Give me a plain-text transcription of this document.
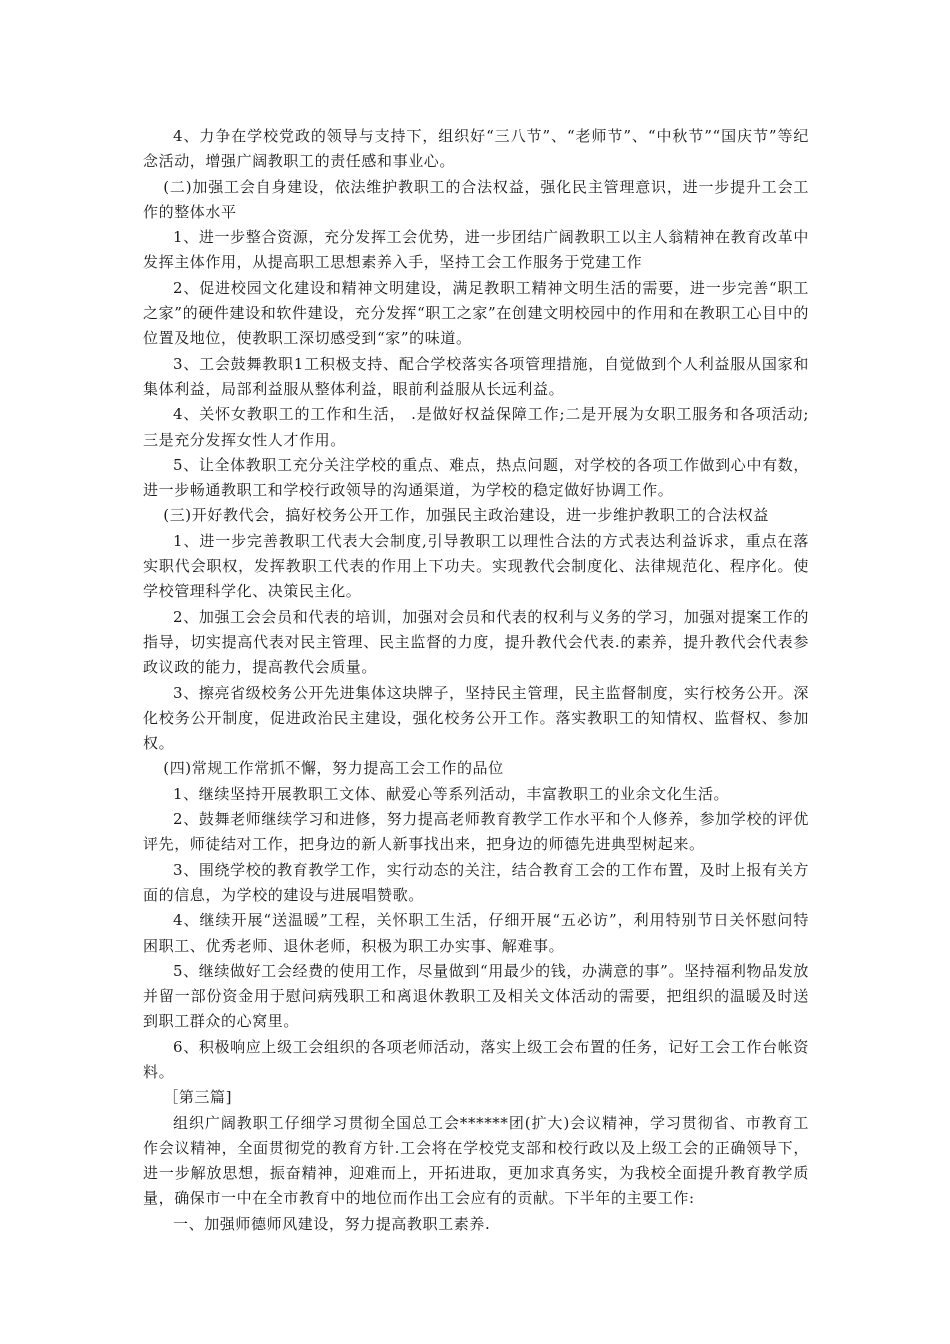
4、力争在学校党政的领导与支持下，组织好“三八节”、“老师节”、“中秋节”“国庆节”等纪念活动，增强广阔教职工的责任感和事业心。

(二)加强工会自身建设，依法维护教职工的合法权益，强化民主管理意识，进一步提升工会工作的整体水平

1、进一步整合资源，充分发挥工会优势，进一步团结广阔教职工以主人翁精神在教育改革中发挥主体作用，从提高职工思想素养入手，坚持工会工作服务于党建工作

2、促进校园文化建设和精神文明建设，满足教职工精神文明生活的需要，进一步完善“职工之家”的硬件建设和软件建设，充分发挥“职工之家”在创建文明校园中的作用和在教职工心目中的位置及地位，使教职工深切感受到“家”的味道。

3、工会鼓舞教职1工积极支持、配合学校落实各项管理措施，自觉做到个人利益服从国家和集体利益，局部利益服从整体利益，眼前利益服从长远利益。

4、关怀女教职工的工作和生活， .是做好权益保障工作;二是开展为女职工服务和各项活动;三是充分发挥女性人才作用。

5、让全体教职工充分关注学校的重点、难点，热点问题，对学校的各项工作做到心中有数，进一步畅通教职工和学校行政领导的沟通渠道，为学校的稳定做好协调工作。

(三)开好教代会，搞好校务公开工作，加强民主政治建设，进一步维护教职工的合法权益

1、进一步完善教职工代表大会制度,引导教职工以理性合法的方式表达利益诉求，重点在落实职代会职权，发挥教职工代表的作用上下功夫。实现教代会制度化、法律规范化、程序化。使学校管理科学化、决策民主化。

2、加强工会会员和代表的培训，加强对会员和代表的权利与义务的学习，加强对提案工作的指导，切实提高代表对民主管理、民主监督的力度，提升教代会代表.的素养，提升教代会代表参政议政的能力，提高教代会质量。

3、擦亮省级校务公开先进集体这块牌子，坚持民主管理，民主监督制度，实行校务公开。深化校务公开制度，促进政治民主建设，强化校务公开工作。落实教职工的知情权、监督权、参加权。

(四)常规工作常抓不懈，努力提高工会工作的品位

1、继续坚持开展教职工文体、献爱心等系列活动，丰富教职工的业余文化生活。

2、鼓舞老师继续学习和进修，努力提高老师教育教学工作水平和个人修养，参加学校的评优评先，师徒结对工作，把身边的新人新事找出来，把身边的师德先进典型树起来。

3、围绕学校的教育教学工作，实行动态的关注，结合教育工会的工作布置，及时上报有关方面的信息，为学校的建设与进展唱赞歌。

4、继续开展“送温暖”工程，关怀职工生活，仔细开展“五必访”，利用特别节日关怀慰问特困职工、优秀老师、退休老师，积极为职工办实事、解难事。

5、继续做好工会经费的使用工作，尽量做到“用最少的钱，办满意的事”。坚持福利物品发放并留一部份资金用于慰问病残职工和离退休教职工及相关文体活动的需要，把组织的温暖及时送到职工群众的心窝里。

6、积极响应上级工会组织的各项老师活动，落实上级工会布置的任务，记好工会工作台帐资料。

［第三篇]

组织广阔教职工仔细学习贯彻全国总工会******团(扩大)会议精神，学习贯彻省、市教育工作会议精神，全面贯彻党的教育方针.工会将在学校党支部和校行政以及上级工会的正确领导下，进一步解放思想，振奋精神，迎难而上，开拓进取，更加求真务实，为我校全面提升教育教学质量，确保市一中在全市教育中的地位而作出工会应有的贡献。下半年的主要工作:

一、加强师德师风建设，努力提高教职工素养.
